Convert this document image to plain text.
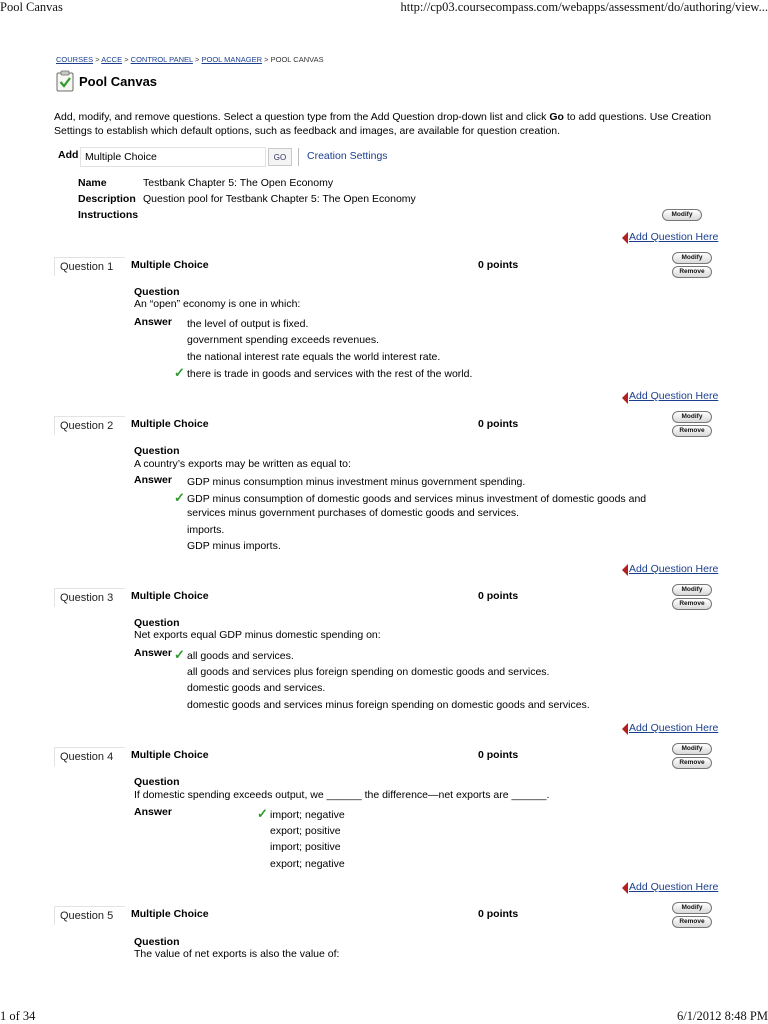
Pool Canvas	http://cp03.coursecompass.com/webapps/assessment/do/authoring/view...
1 of 34	6/1/2012 8:48 PM
COURSES > ACCE > CONTROL PANEL > POOL MANAGER > POOL CANVAS
Pool Canvas
Add, modify, and remove questions. Select a question type from the Add Question drop-down list and click Go to add questions. Use Creation Settings to establish which default options, such as feedback and images, are available for question creation.
Add Multiple Choice	GO	Creation Settings
Name	Testbank Chapter 5: The Open Economy
Description Question pool for Testbank Chapter 5: The Open Economy
Instructions	Modify
Add Question Here
Question 1	Multiple Choice	0 points
Modify
Remove
Question
An “open” economy is one in which:
Answer the level of output is fixed.
government spending exceeds revenues.
the national interest rate equals the world interest rate.
✓ there is trade in goods and services with the rest of the world.
Add Question Here
Question 2	Multiple Choice	0 points
Modify
Remove
Question
A country’s exports may be written as equal to:
Answer GDP minus consumption minus investment minus government spending.
✓ GDP minus consumption of domestic goods and services minus investment of domestic goods and services minus government purchases of domestic goods and services.
imports.
GDP minus imports.
Add Question Here
Question 3	Multiple Choice	0 points
Modify
Remove
Question
Net exports equal GDP minus domestic spending on:
Answer ✓ all goods and services.
all goods and services plus foreign spending on domestic goods and services.
domestic goods and services.
domestic goods and services minus foreign spending on domestic goods and services.
Add Question Here
Question 4	Multiple Choice	0 points
Modify
Remove
Question
If domestic spending exceeds output, we ______ the difference—net exports are ______.
Answer	✓ import; negative
export; positive
import; positive
export; negative
Add Question Here
Question 5	Multiple Choice	0 points
Modify
Remove
Question
The value of net exports is also the value of:
